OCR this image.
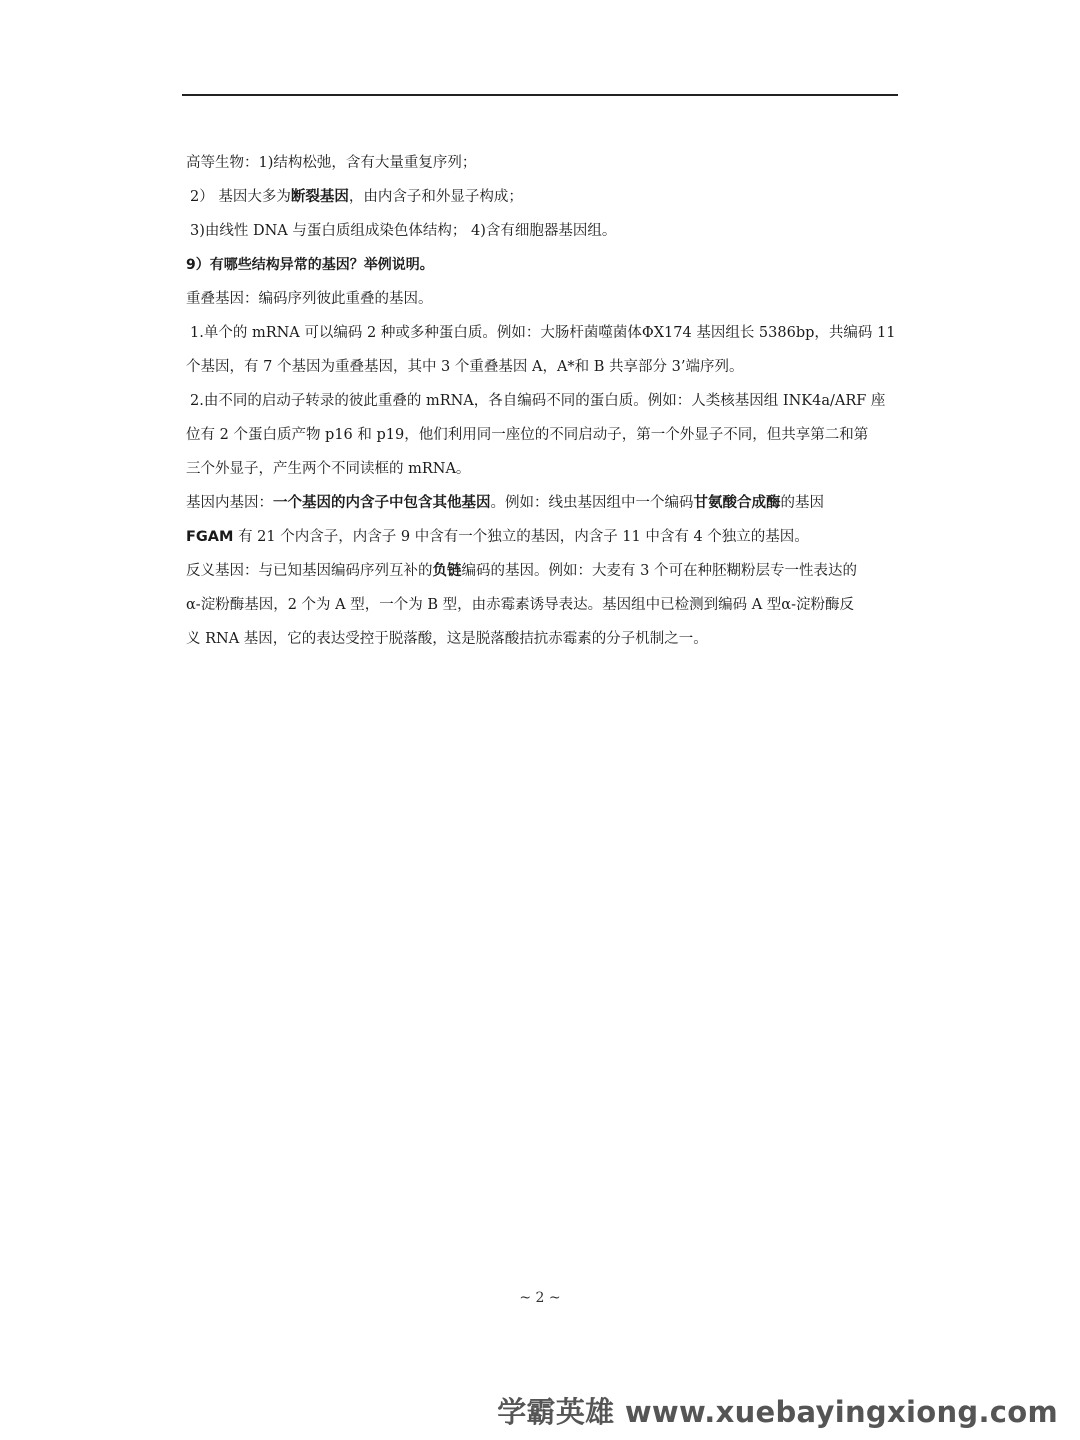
高等生物：1)结构松弛，含有大量重复序列；
2） 基因大多为断裂基因，由内含子和外显子构成；
3)由线性 DNA 与蛋白质组成染色体结构； 4)含有细胞器基因组。
9）有哪些结构异常的基因？举例说明。
重叠基因：编码序列彼此重叠的基因。
1.单个的 mRNA 可以编码 2 种或多种蛋白质。例如：大肠杆菌噬菌体ΦX174 基因组长 5386bp，共编码 11
个基因，有 7 个基因为重叠基因，其中 3 个重叠基因 A，A*和 B 共享部分 3’端序列。
2.由不同的启动子转录的彼此重叠的 mRNA，各自编码不同的蛋白质。例如：人类核基因组 INK4a/ARF 座
位有 2 个蛋白质产物 p16 和 p19，他们利用同一座位的不同启动子，第一个外显子不同，但共享第二和第
三个外显子，产生两个不同读框的 mRNA。
基因内基因：一个基因的内含子中包含其他基因。例如：线虫基因组中一个编码甘氨酸合成酶的基因
FGAM 有 21 个内含子，内含子 9 中含有一个独立的基因，内含子 11 中含有 4 个独立的基因。
反义基因：与已知基因编码序列互补的负链编码的基因。例如：大麦有 3 个可在种胚糊粉层专一性表达的
α-淀粉酶基因，2 个为 A 型，一个为 B 型，由赤霉素诱导表达。基因组中已检测到编码 A 型α-淀粉酶反
义 RNA 基因，它的表达受控于脱落酸，这是脱落酸拮抗赤霉素的分子机制之一。
~ 2 ~
学霸英雄 www.xuebayingxiong.com
